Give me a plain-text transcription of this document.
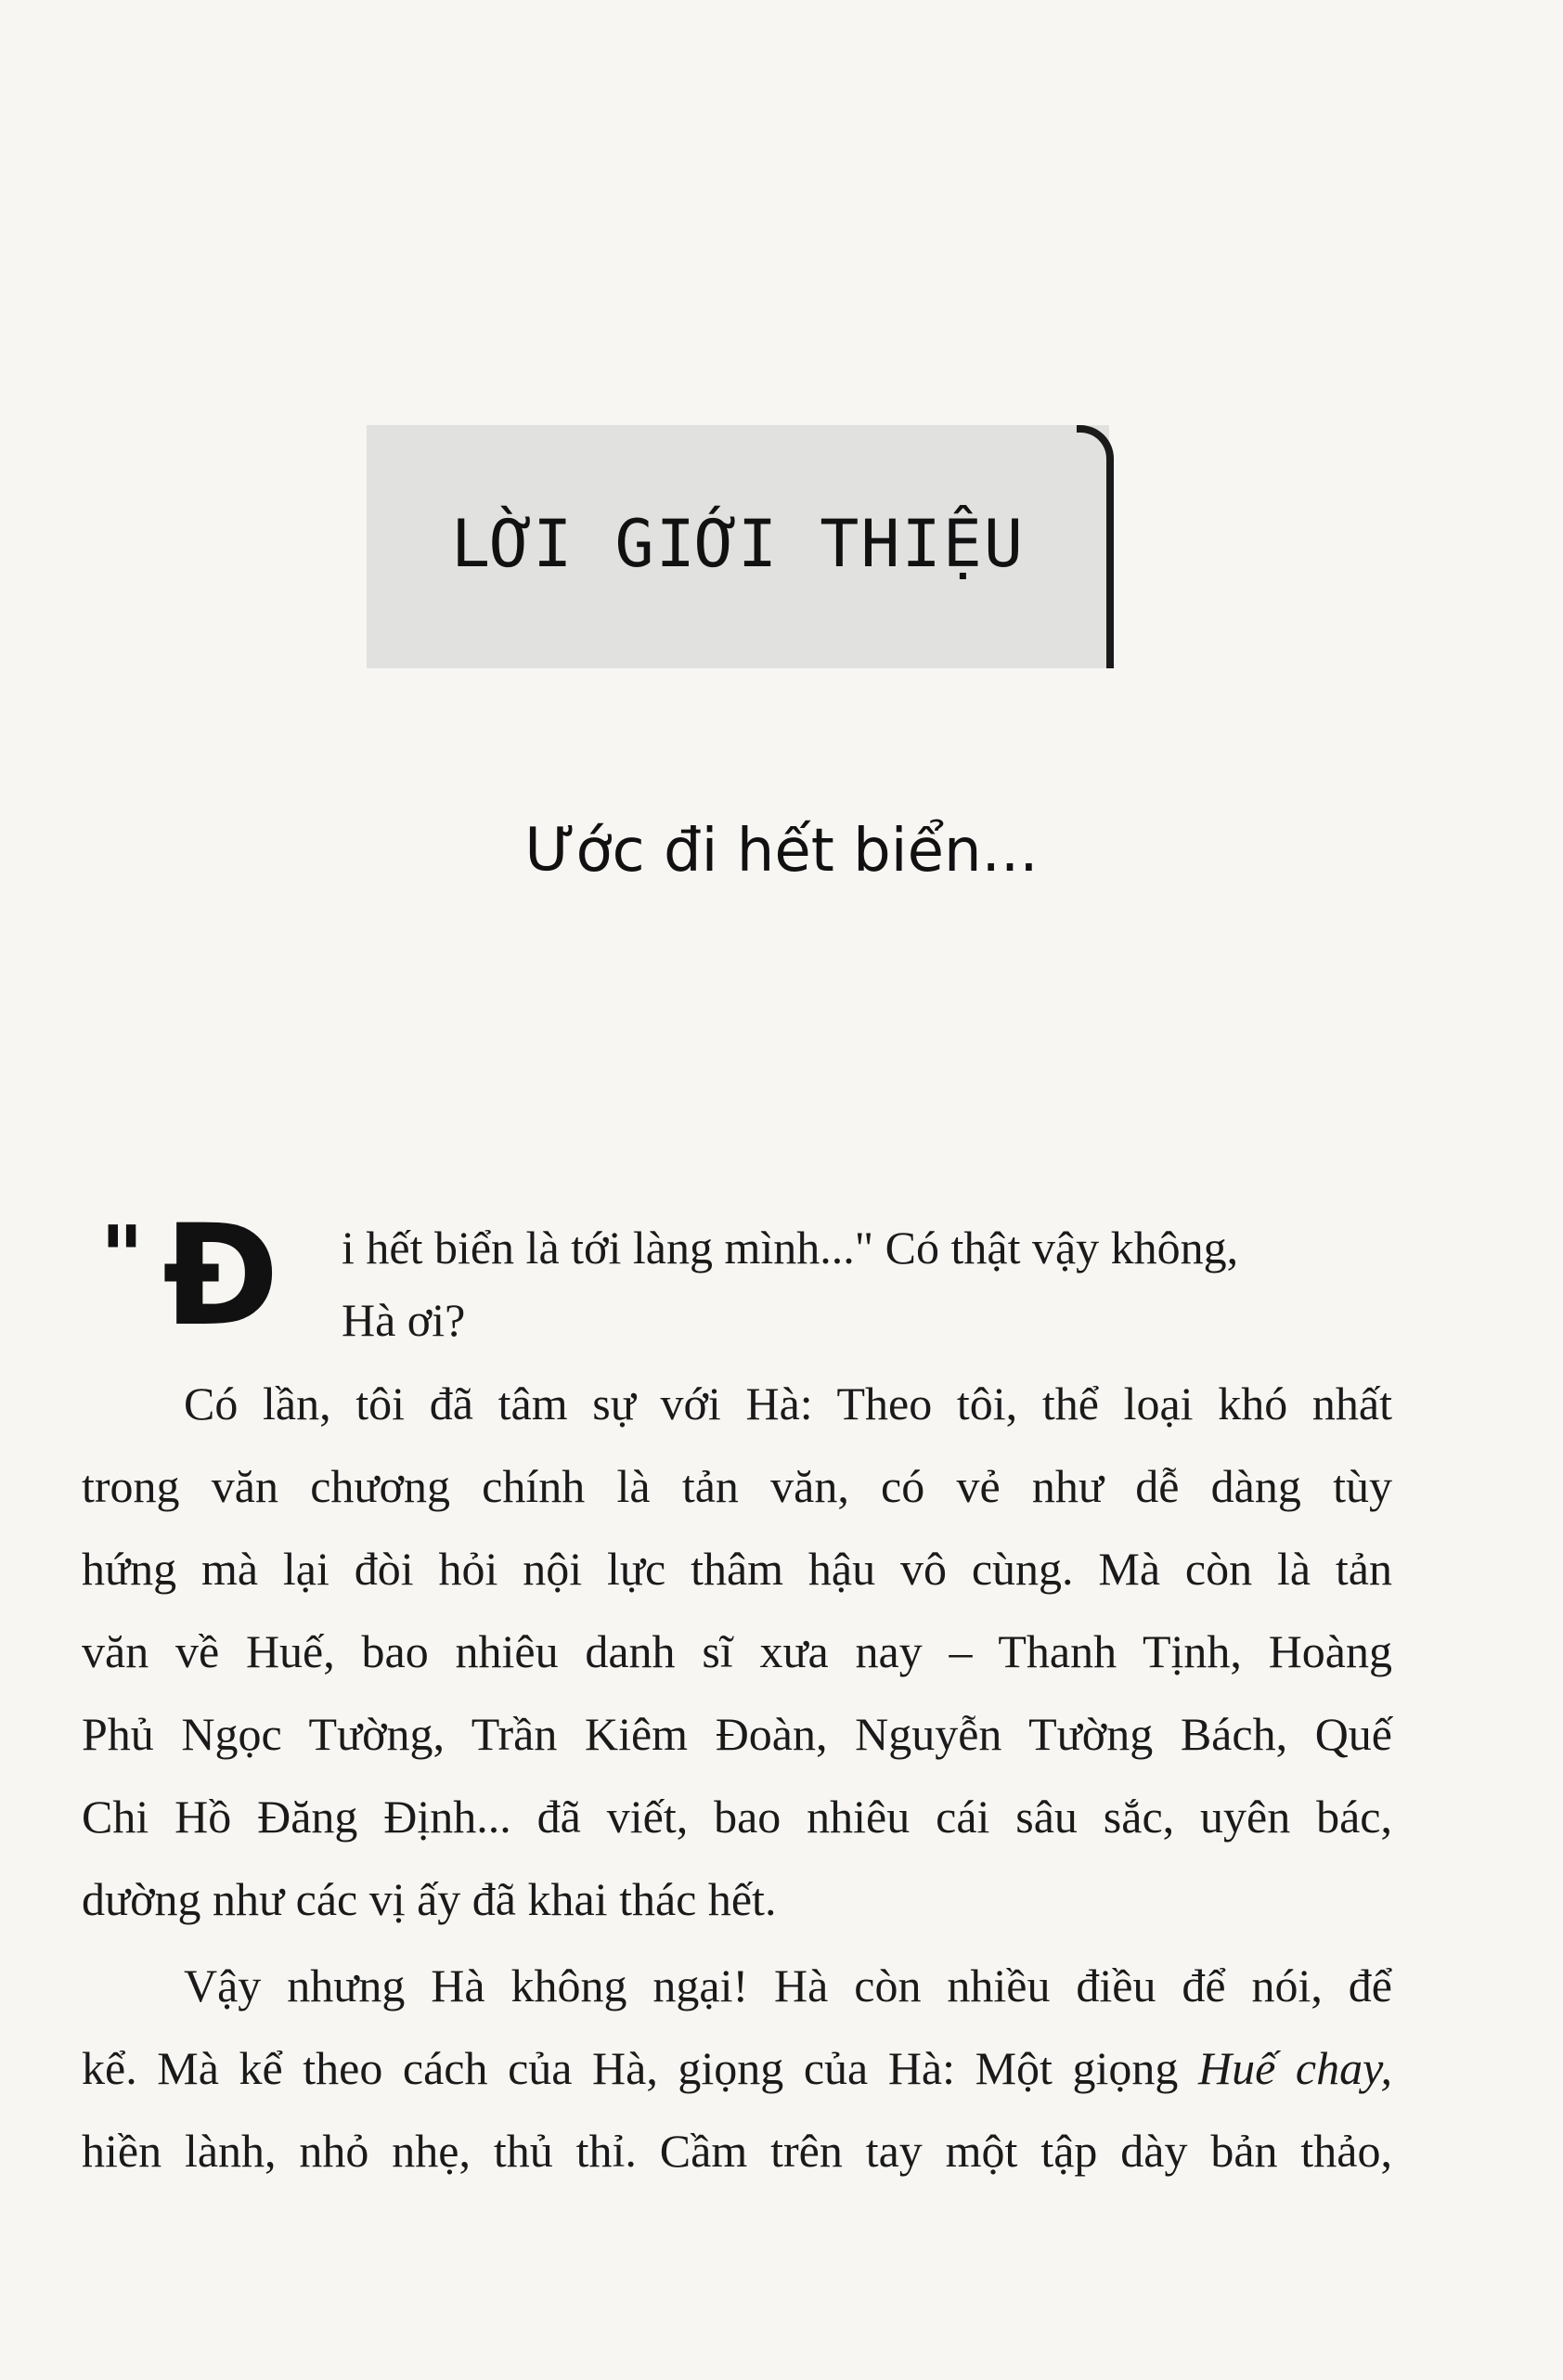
LỜI GIỚI THIỆU
Ước đi hết biển...
" Đ i hết biển là tới làng mình..." Có thật vậy không,
Hà ơi?
Có lần, tôi đã tâm sự với Hà: Theo tôi, thể loại khó nhất
trong văn chương chính là tản văn, có vẻ như dễ dàng tùy
hứng mà lại đòi hỏi nội lực thâm hậu vô cùng. Mà còn là tản
văn về Huế, bao nhiêu danh sĩ xưa nay – Thanh Tịnh, Hoàng
Phủ Ngọc Tường, Trần Kiêm Đoàn, Nguyễn Tường Bách, Quế
Chi Hồ Đăng Định... đã viết, bao nhiêu cái sâu sắc, uyên bác,
dường như các vị ấy đã khai thác hết.
Vậy nhưng Hà không ngại! Hà còn nhiều điều để nói, để
kể. Mà kể theo cách của Hà, giọng của Hà: Một giọng Huế chay,
hiền lành, nhỏ nhẹ, thủ thỉ. Cầm trên tay một tập dày bản thảo,
